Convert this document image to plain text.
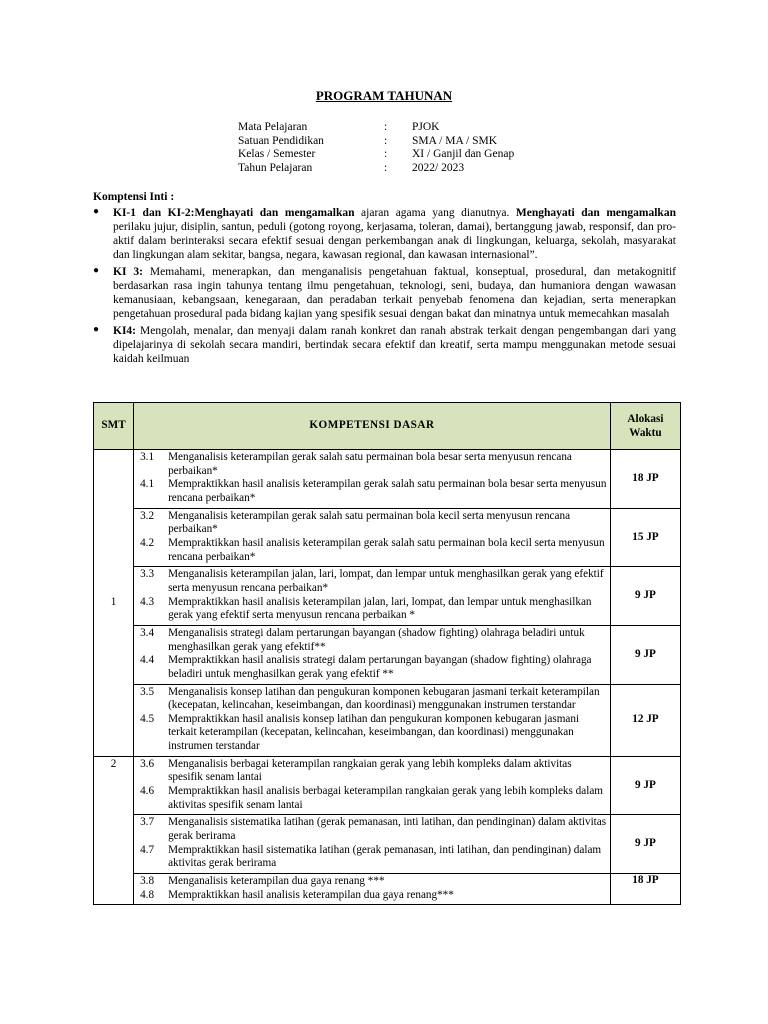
PROGRAM TAHUNAN
Mata Pelajaran	:	PJOK
Satuan Pendidikan	:	SMA / MA / SMK
Kelas / Semester	:	XI / Ganjil dan Genap
Tahun Pelajaran	:	2022/ 2023
Komptensi Inti :
● KI-1 dan KI-2:Menghayati dan mengamalkan ajaran agama yang dianutnya. Menghayati dan mengamalkan perilaku jujur, disiplin, santun, peduli (gotong royong, kerjasama, toleran, damai), bertanggung jawab, responsif, dan pro-aktif dalam berinteraksi secara efektif sesuai dengan perkembangan anak di lingkungan, keluarga, sekolah, masyarakat dan lingkungan alam sekitar, bangsa, negara, kawasan regional, dan kawasan internasional”.
● KI 3: Memahami, menerapkan, dan menganalisis pengetahuan faktual, konseptual, prosedural, dan metakognitif berdasarkan rasa ingin tahunya tentang ilmu pengetahuan, teknologi, seni, budaya, dan humaniora dengan wawasan kemanusiaan, kebangsaan, kenegaraan, dan peradaban terkait penyebab fenomena dan kejadian, serta menerapkan pengetahuan prosedural pada bidang kajian yang spesifik sesuai dengan bakat dan minatnya untuk memecahkan masalah
● KI4: Mengolah, menalar, dan menyaji dalam ranah konkret dan ranah abstrak terkait dengan pengembangan dari yang dipelajarinya di sekolah secara mandiri, bertindak secara efektif dan kreatif, serta mampu menggunakan metode sesuai kaidah keilmuan
SMT	KOMPETENSI DASAR	Alokasi
Waktu

1	3.1 Menganalisis keterampilan gerak salah satu permainan bola besar serta menyusun rencana perbaikan*
4.1 Mempraktikkan hasil analisis keterampilan gerak salah satu permainan bola besar serta menyusun rencana perbaikan*	18 JP

	3.2 Menganalisis keterampilan gerak salah satu permainan bola kecil serta menyusun rencana perbaikan*
4.2 Mempraktikkan hasil analisis keterampilan gerak salah satu permainan bola kecil serta menyusun rencana perbaikan*	15 JP

	3.3 Menganalisis keterampilan jalan, lari, lompat, dan lempar untuk menghasilkan gerak yang efektif serta menyusun rencana perbaikan*
4.3 Mempraktikkan hasil analisis keterampilan jalan, lari, lompat, dan lempar untuk menghasilkan gerak yang efektif serta menyusun rencana perbaikan *	9 JP

	3.4 Menganalisis strategi dalam pertarungan bayangan (shadow fighting) olahraga beladiri untuk menghasilkan gerak yang efektif**
4.4 Mempraktikkan hasil analisis strategi dalam pertarungan bayangan (shadow fighting) olahraga beladiri untuk menghasilkan gerak yang efektif **	9 JP

	3.5 Menganalisis konsep latihan dan pengukuran komponen kebugaran jasmani terkait keterampilan (kecepatan, kelincahan, keseimbangan, dan koordinasi) menggunakan instrumen terstandar
4.5 Mempraktikkan hasil analisis konsep latihan dan pengukuran komponen kebugaran jasmani terkait keterampilan (kecepatan, kelincahan, keseimbangan, dan koordinasi) menggunakan instrumen terstandar	12 JP
2	3.6 Menganalisis berbagai keterampilan rangkaian gerak yang lebih kompleks dalam aktivitas spesifik senam lantai
4.6 Mempraktikkan hasil analisis berbagai keterampilan rangkaian gerak yang lebih kompleks dalam aktivitas spesifik senam lantai	9 JP

	3.7 Menganalisis sistematika latihan (gerak pemanasan, inti latihan, dan pendinginan) dalam aktivitas gerak berirama
4.7 Mempraktikkan hasil sistematika latihan (gerak pemanasan, inti latihan, dan pendinginan) dalam aktivitas gerak berirama	9 JP

	3.8 Menganalisis keterampilan dua gaya renang ***
4.8 Mempraktikkan hasil analisis keterampilan dua gaya renang***	18 JP
